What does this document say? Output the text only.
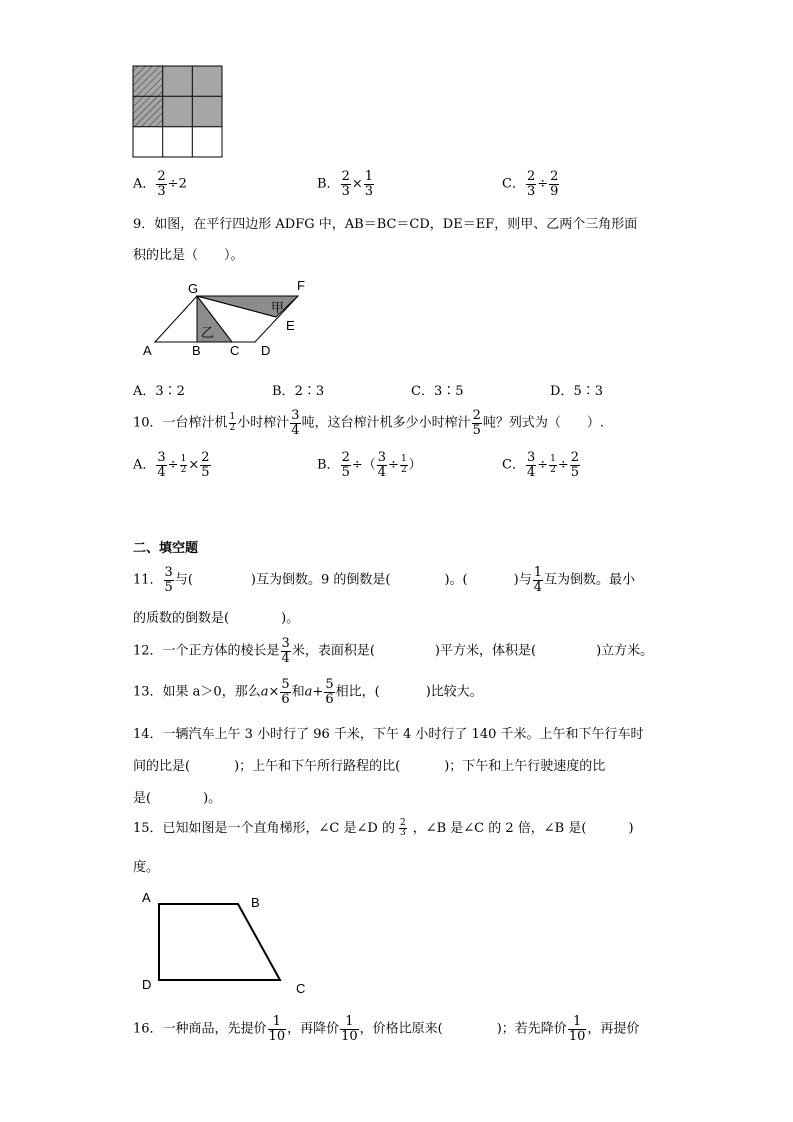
A． $\frac{2}{3} \div 2$	B． $\frac{2}{3} \times \frac{1}{3}$	C． $\frac{2}{3} \div \frac{2}{9}$
9．如图，在平行四边形 ADFG 中，AB＝BC＝CD，DE＝EF，则甲、乙两个三角形面
积的比是（　　）。
G	F
E
A	B C D
甲
乙
A．3∶2	B．2∶3	C．3∶5	D．5∶3
10．一台榨汁机 $\frac{1}{2}$ 小时榨汁 $\frac{3}{4}$ 吨，这台榨汁机多少小时榨汁 $\frac{2}{5}$ 吨？列式为（　　）.
A． $\frac{3}{4} \div \frac{1}{2} \times \frac{2}{5}$	B． $\frac{2}{5}$ ÷（ $\frac{3}{4} \div \frac{1}{2}$ ）	C． $\frac{3}{4} \div \frac{1}{2} \div \frac{2}{5}$
二、填空题
11． $\frac{3}{5}$ 与(	)互为倒数。9 的倒数是(	)。(	)与 $\frac{1}{4}$ 互为倒数。最小
的质数的倒数是(　　　　)。
12．一个正方体的棱长是 $\frac{3}{4}$ 米，表面积是(	)平方米，体积是(	)立方米。
13．如果 a＞0，那么$a\times \frac{5}{6}$ 和$a+ \frac{5}{6}$ 相比，(	)比较大。
14．一辆汽车上午 3 小时行了 96 千米，下午 4 小时行了 140 千米。上午和下午行车时
间的比是(	)；上午和下午所行路程的比(	)；下午和上午行驶速度的比
是(　　　　)。
15．已知如图是一个直角梯形，∠C 是∠D 的 $\frac{2}{3}$ ，∠B 是∠C 的 2 倍，∠B 是(	)
度。
A	B
C
D
16．一种商品，先提价 $\frac{1}{10}$ ，再降价 $\frac{1}{10}$ ，价格比原来(	)；若先降价 $\frac{1}{10}$ ，再提价
